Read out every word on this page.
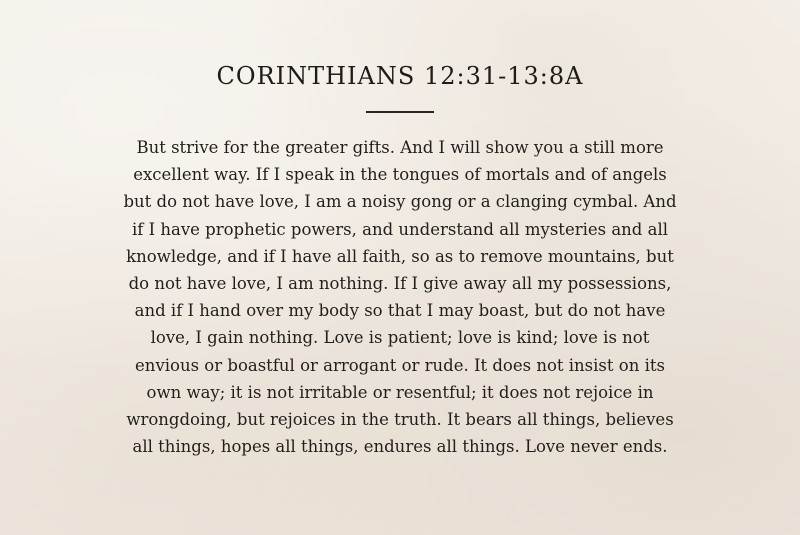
CORINTHIANS 12:31-13:8A

But strive for the greater gifts. And I will show you a still more
excellent way. If I speak in the tongues of mortals and of angels
but do not have love, I am a noisy gong or a clanging cymbal. And
if I have prophetic powers, and understand all mysteries and all
knowledge, and if I have all faith, so as to remove mountains, but
do not have love, I am nothing. If I give away all my possessions,
and if I hand over my body so that I may boast, but do not have
love, I gain nothing. Love is patient; love is kind; love is not
envious or boastful or arrogant or rude. It does not insist on its
own way; it is not irritable or resentful; it does not rejoice in
wrongdoing, but rejoices in the truth. It bears all things, believes
all things, hopes all things, endures all things. Love never ends.
